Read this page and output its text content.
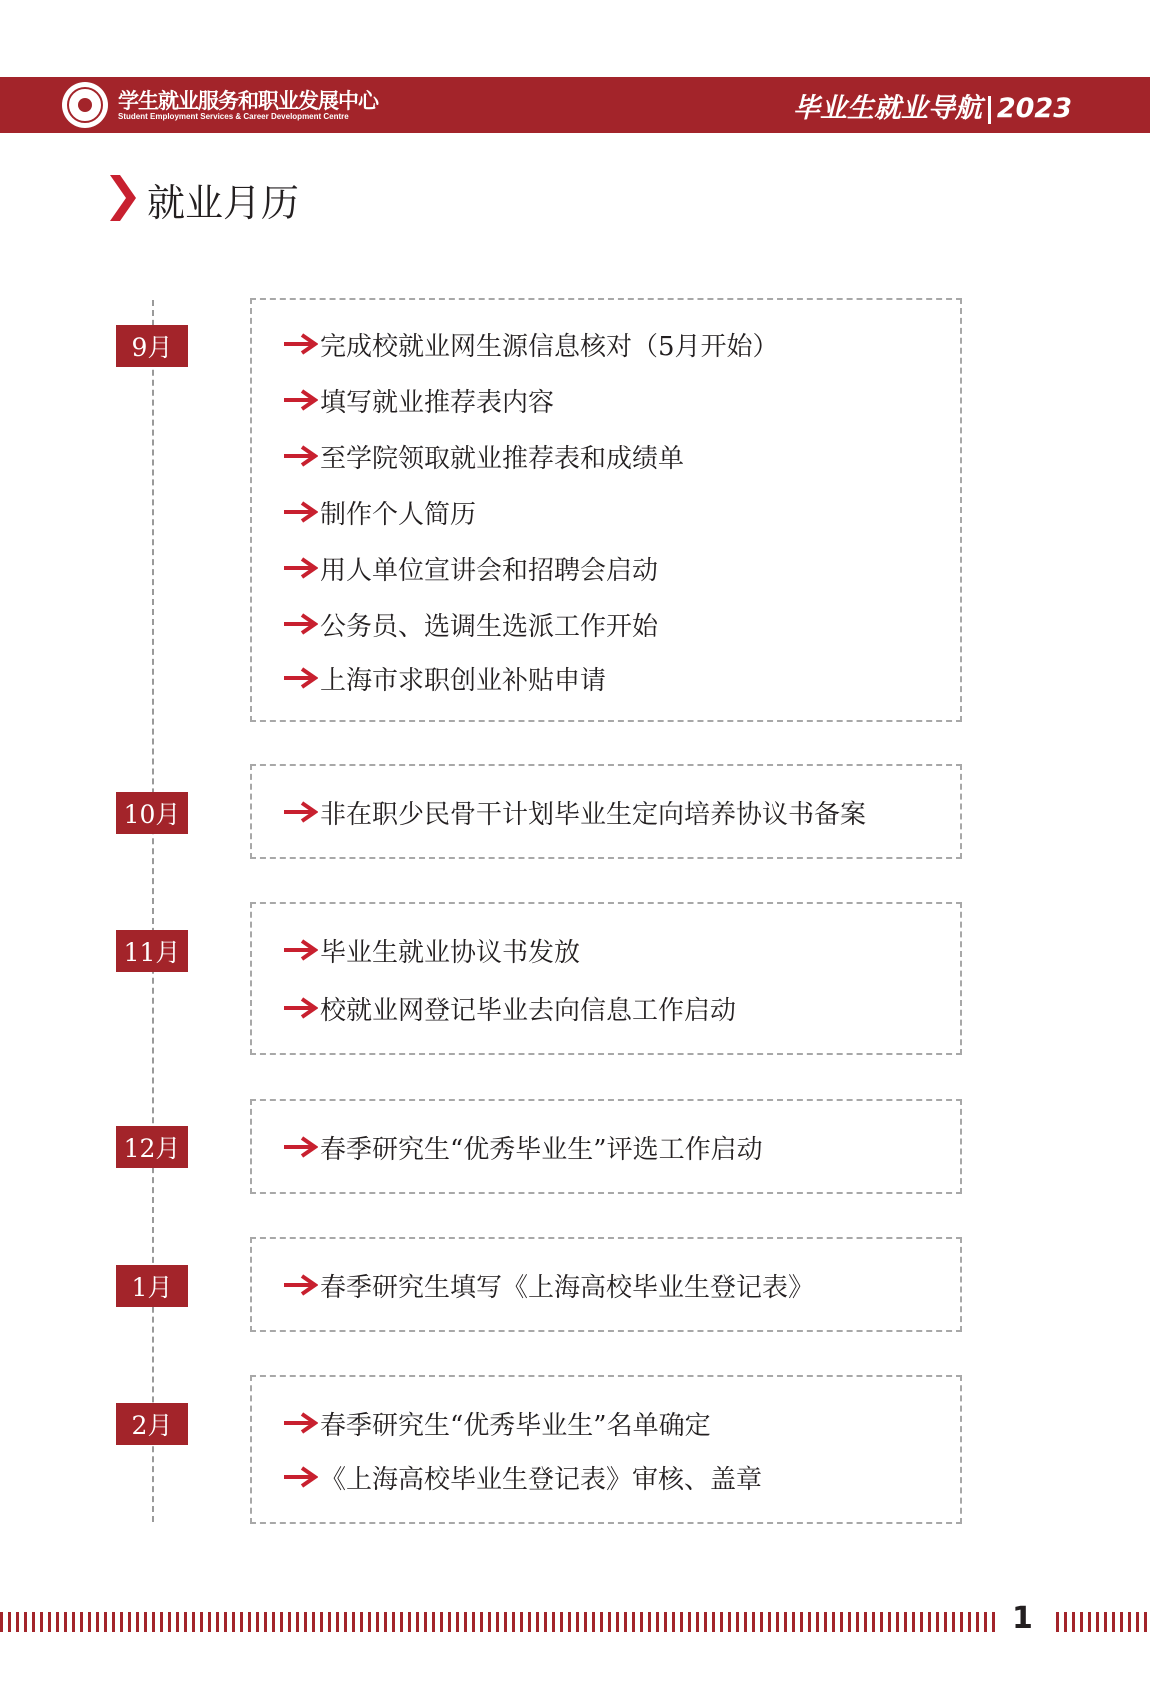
学生就业服务和职业发展中心
Student Employment Services & Career Development Centre	毕业生就业导航 2023
就业月历
9月	完成校就业网生源信息核对（5月开始）
填写就业推荐表内容
至学院领取就业推荐表和成绩单
制作个人简历
用人单位宣讲会和招聘会启动
公务员、选调生选派工作开始
上海市求职创业补贴申请
10月	非在职少民骨干计划毕业生定向培养协议书备案
11月	毕业生就业协议书发放
校就业网登记毕业去向信息工作启动
12月	春季研究生“优秀毕业生”评选工作启动
1月	春季研究生填写《上海高校毕业生登记表》
2月	春季研究生“优秀毕业生”名单确定
《上海高校毕业生登记表》审核、盖章
1
